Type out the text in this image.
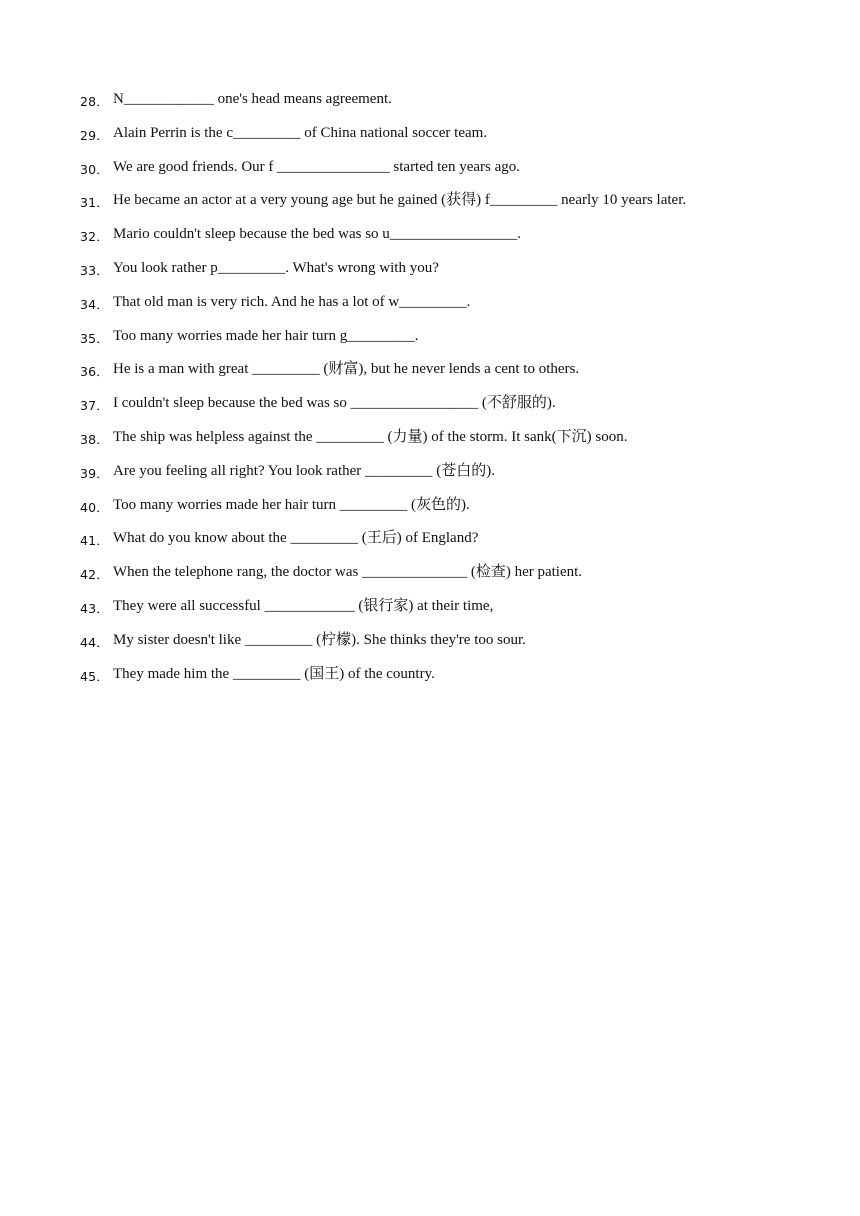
28． N____________ one's head means agreement.
29． Alain Perrin is the c_________ of China national soccer team.
30． We are good friends. Our f _______________ started ten years ago.
31． He became an actor at a very young age but he gained (获得) f_________ nearly 10 years later.
32． Mario couldn't sleep because the bed was so u_________________.
33． You look rather p_________. What's wrong with you?
34． That old man is very rich. And he has a lot of w_________.
35． Too many worries made her hair turn g_________.
36． He is a man with great _________ (财富), but he never lends a cent to others.
37． I couldn't sleep because the bed was so _________________ (不舒服的).
38． The ship was helpless against the _________ (力量) of the storm. It sank(下沉) soon.
39． Are you feeling all right? You look rather _________ (苍白的).
40． Too many worries made her hair turn _________ (灰色的).
41． What do you know about the _________ (王后) of England?
42． When the telephone rang, the doctor was ______________ (检查) her patient.
43． They were all successful ____________ (银行家) at their time,
44． My sister doesn't like _________ (柠檬). She thinks they're too sour.
45． They made him the _________ (国王) of the country.
